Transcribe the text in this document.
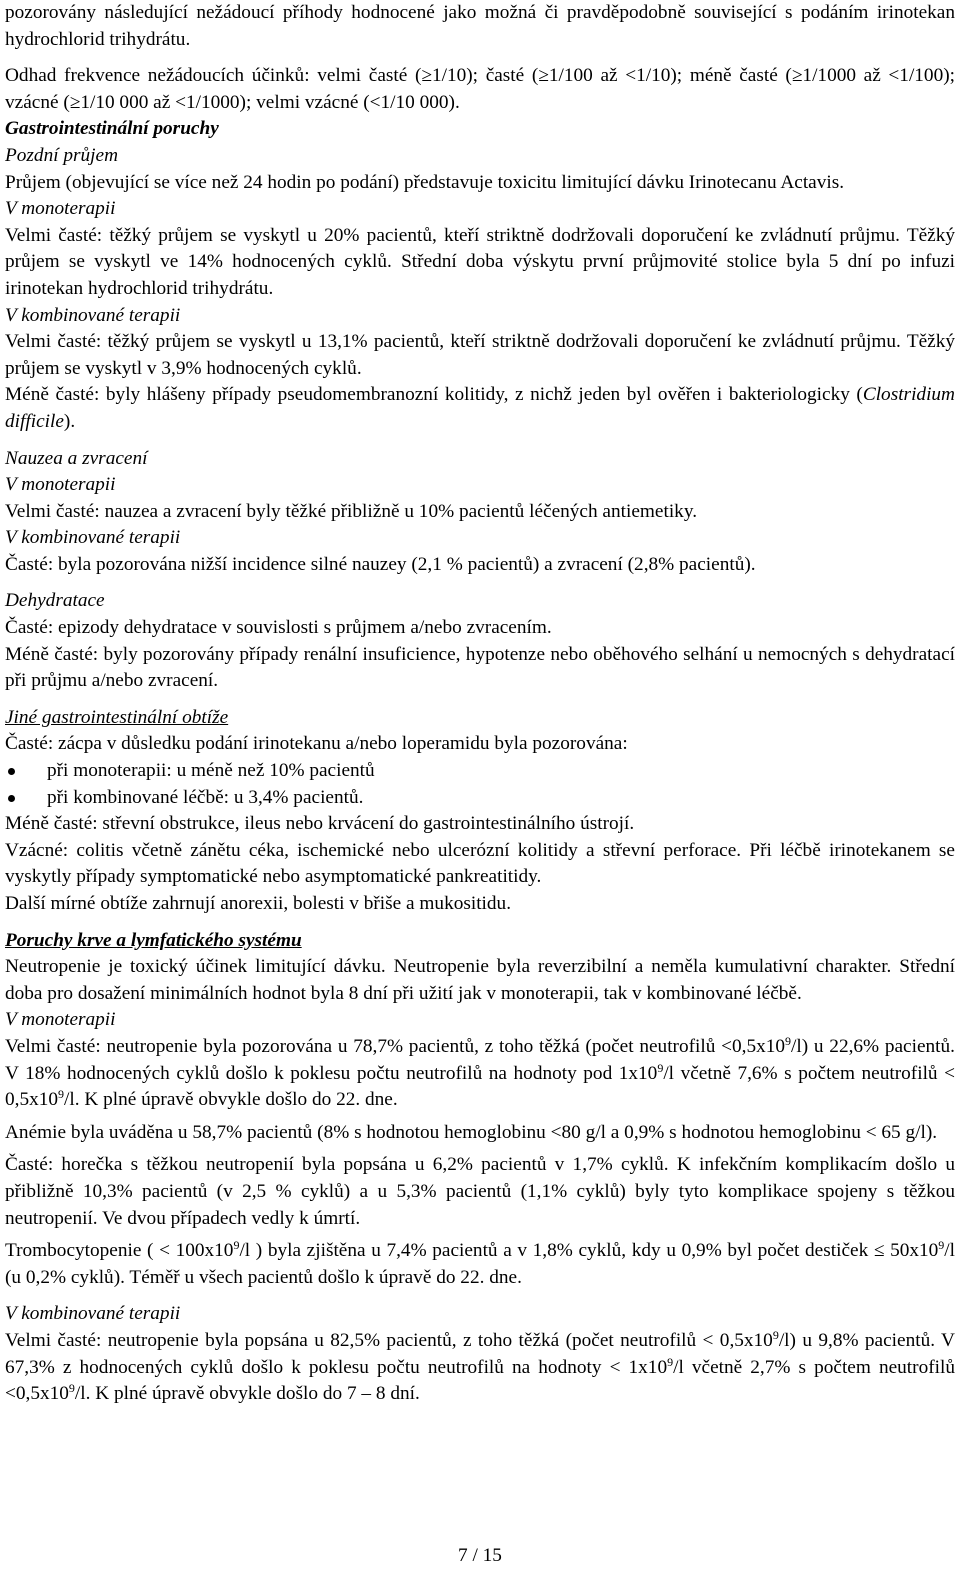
pozorovány následující nežádoucí příhody hodnocené jako možná či pravděpodobně související s podáním irinotekan hydrochlorid trihydrátu.

Odhad frekvence nežádoucích účinků: velmi časté (≥1/10); časté (≥1/100 až <1/10); méně časté (≥1/1000 až <1/100); vzácné (≥1/10 000 až <1/1000); velmi vzácné (<1/10 000).

Gastrointestinální poruchy

Pozdní průjem

Průjem (objevující se více než 24 hodin po podání) představuje toxicitu limitující dávku Irinotecanu Actavis.

V monoterapii

Velmi časté: těžký průjem se vyskytl u 20% pacientů, kteří striktně dodržovali doporučení ke zvládnutí průjmu. Těžký průjem se vyskytl ve 14% hodnocených cyklů. Střední doba výskytu první průjmovité stolice byla 5 dní po infuzi irinotekan hydrochlorid trihydrátu.

V kombinované terapii

Velmi časté: těžký průjem se vyskytl u 13,1% pacientů, kteří striktně dodržovali doporučení ke zvládnutí průjmu. Těžký průjem se vyskytl v 3,9% hodnocených cyklů.

Méně časté: byly hlášeny případy pseudomembranozní kolitidy, z nichž jeden byl ověřen i bakteriologicky (Clostridium difficile).

Nauzea a zvracení

V monoterapii

Velmi časté: nauzea a zvracení byly těžké přibližně u 10% pacientů léčených antiemetiky.

V kombinované terapii

Časté: byla pozorována nižší incidence silné nauzey (2,1 % pacientů) a zvracení (2,8% pacientů).

Dehydratace

Časté: epizody dehydratace v souvislosti s průjmem a/nebo zvracením.

Méně časté: byly pozorovány případy renální insuficience, hypotenze nebo oběhového selhání u nemocných s dehydratací při průjmu a/nebo zvracení.

Jiné gastrointestinální obtíže

Časté: zácpa v důsledku podání irinotekanu a/nebo loperamidu byla pozorována:

při monoterapii: u méně než 10% pacientů
při kombinované léčbě: u 3,4% pacientů.

Méně časté: střevní obstrukce, ileus nebo krvácení do gastrointestinálního ústrojí.

Vzácné: colitis včetně zánětu céka, ischemické nebo ulcerózní kolitidy a střevní perforace. Při léčbě irinotekanem se vyskytly případy symptomatické nebo asymptomatické pankreatitidy.

Další mírné obtíže zahrnují anorexii, bolesti v břiše a mukositidu.

Poruchy krve a lymfatického systému

Neutropenie je toxický účinek limitující dávku. Neutropenie byla reverzibilní a neměla kumulativní charakter. Střední doba pro dosažení minimálních hodnot byla 8 dní při užití jak v monoterapii, tak v kombinované léčbě.

V monoterapii

Velmi časté: neutropenie byla pozorována u 78,7% pacientů, z toho těžká (počet neutrofilů $<0,5x10^9/l$) u 22,6% pacientů. V 18% hodnocených cyklů došlo k poklesu počtu neutrofilů na hodnoty pod $1x10^9/l$ včetně 7,6% s počtem neutrofilů < $0,5x10^9/l$. K plné úpravě obvykle došlo do 22. dne.

Anémie byla uváděna u 58,7% pacientů (8% s hodnotou hemoglobinu <80 g/l a 0,9% s hodnotou hemoglobinu < 65 g/l).

Časté: horečka s těžkou neutropenií byla popsána u 6,2% pacientů v 1,7% cyklů. K infekčním komplikacím došlo u přibližně 10,3% pacientů (v 2,5 % cyklů) a u 5,3% pacientů (1,1% cyklů) byly tyto komplikace spojeny s těžkou neutropenií. Ve dvou případech vedly k úmrtí.

Trombocytopenie ( < $100x10^9/l$ ) byla zjištěna u 7,4% pacientů a v 1,8% cyklů, kdy u 0,9% byl počet destiček ≤ $50x10^9/l$ (u 0,2% cyklů). Téměř u všech pacientů došlo k úpravě do 22. dne.

V kombinované terapii

Velmi časté: neutropenie byla popsána u 82,5% pacientů, z toho těžká (počet neutrofilů < $0,5x10^9/l$) u 9,8% pacientů. V 67,3% z hodnocených cyklů došlo k poklesu počtu neutrofilů na hodnoty < $1x10^9/l$ včetně 2,7% s počtem neutrofilů $<0,5x10^9/l$. K plné úpravě obvykle došlo do 7 – 8 dní.

7 / 15
